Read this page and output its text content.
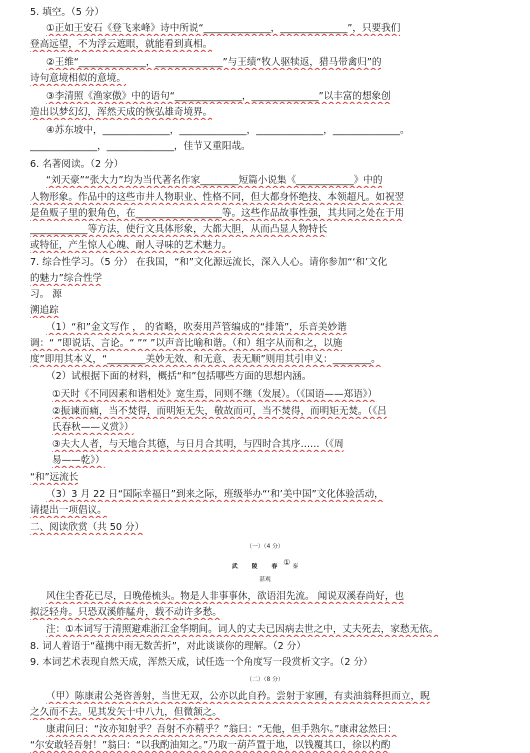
5. 填空。（5 分）
①正如王安石《登飞来峰》诗中所说“______________，______________”，只要我们
登高远望，不为浮云遮眼，就能看到真相。
②王维“______________，______________”与王绩“牧人驱犊返，猎马带禽归”的
诗句意境相似的意境。
③李清照《渔家傲》中的语句“______________，______________”以丰富的想象创
造出以梦幻幻，浑然天成的恢弘雄奇境界。
④苏东坡中，______________，______________，______________，______________。
______________，______________，佳节又重阳哉。
6. 名著阅读。（2 分）
“刘天豪”“张大力”均为当代著名作家________短篇小说集《____________》中的
人物形象。作品中的这些市井人物职业、性格不同，但大都身怀绝技、本领超凡。如祝翌
是鱼贩子里的狠角色，在__________________等。这些作品故事性强，其共同之处在于用
____________等方法，使行文具体形象，大都大胆，从而凸显人物特长
或特征，产生惊人心魄、耐人寻味的艺术魅力。
7. 综合性学习。（5 分） 在我国，“和”文化源远流长，深入人心。请你参加“‘和’文化
的魅力”综合性学
习。 源
溯追踪
（1）“和”金文写作 ， 的省略，吹奏用芦管编成的“排箫”，乐音美妙谐
调：“ ”即说话、言论。“ ”“ ”以声音比喻和谐。（和）组字从而和之，以施
度”即用其本义，“________美妙无效、和无意、表无顺”则用其引申义：________。
（2）试根据下面的材料，概括“和”包括哪些方面的思想内涵。
①天时《不同因素和谐相处》宽生焉，同则不继（发展）。（《国语——郑语》）
②振谏而痛，当不焚得，而明矩无失，敬故而可，当不焚得，而明矩无焚。（《吕
氏春秋——义赏》）
③夫大人者，与天地合其德，与日月合其明，与四时合其序……（《周
易——乾》）
“和”远流长
（3）3 月 22 日“国际幸福日”到来之际，班级举办“‘和’美中国”文化体验活动，
请提出一项倡议。
二、阅读欣赏（共 50 分）
（一）（4 分）
武 陵 春① 秦
湛观
风住尘香花已尽，日晚倦梳头。物是人非事事休，欲语泪先流。 闻说双溪春尚好，也
拟泛轻舟。只恐双溪舴艋舟，载不动许多愁。
注：①本词写于清照避难浙江金华期间。词人的丈夫已因病去世之中，丈夫死去，家愁无依。
8. 词人着语于“蕴携中雨无数苦折”，对此谈谈你的理解。（2 分）
9. 本词艺术表现自然天成，浑然天成，试任选一个角度写一段赏析文字。（2 分）
（二）（8 分）
（甲）陈康肃公尧咨善射，当世无双，公亦以此自矜。尝射于家圃，有卖油翁释担而立，睨
之久而不去。见其发矢十中八九，但微颔之。
康肃问曰：“汝亦知射乎？吾射不亦精乎？”翁曰：“无他，但手熟尔。”康肃忿然曰：
“尔安敢轻吾射！”翁曰：“以我酌油知之。”乃取一葫芦置于地，以钱覆其口，徐以杓酌
